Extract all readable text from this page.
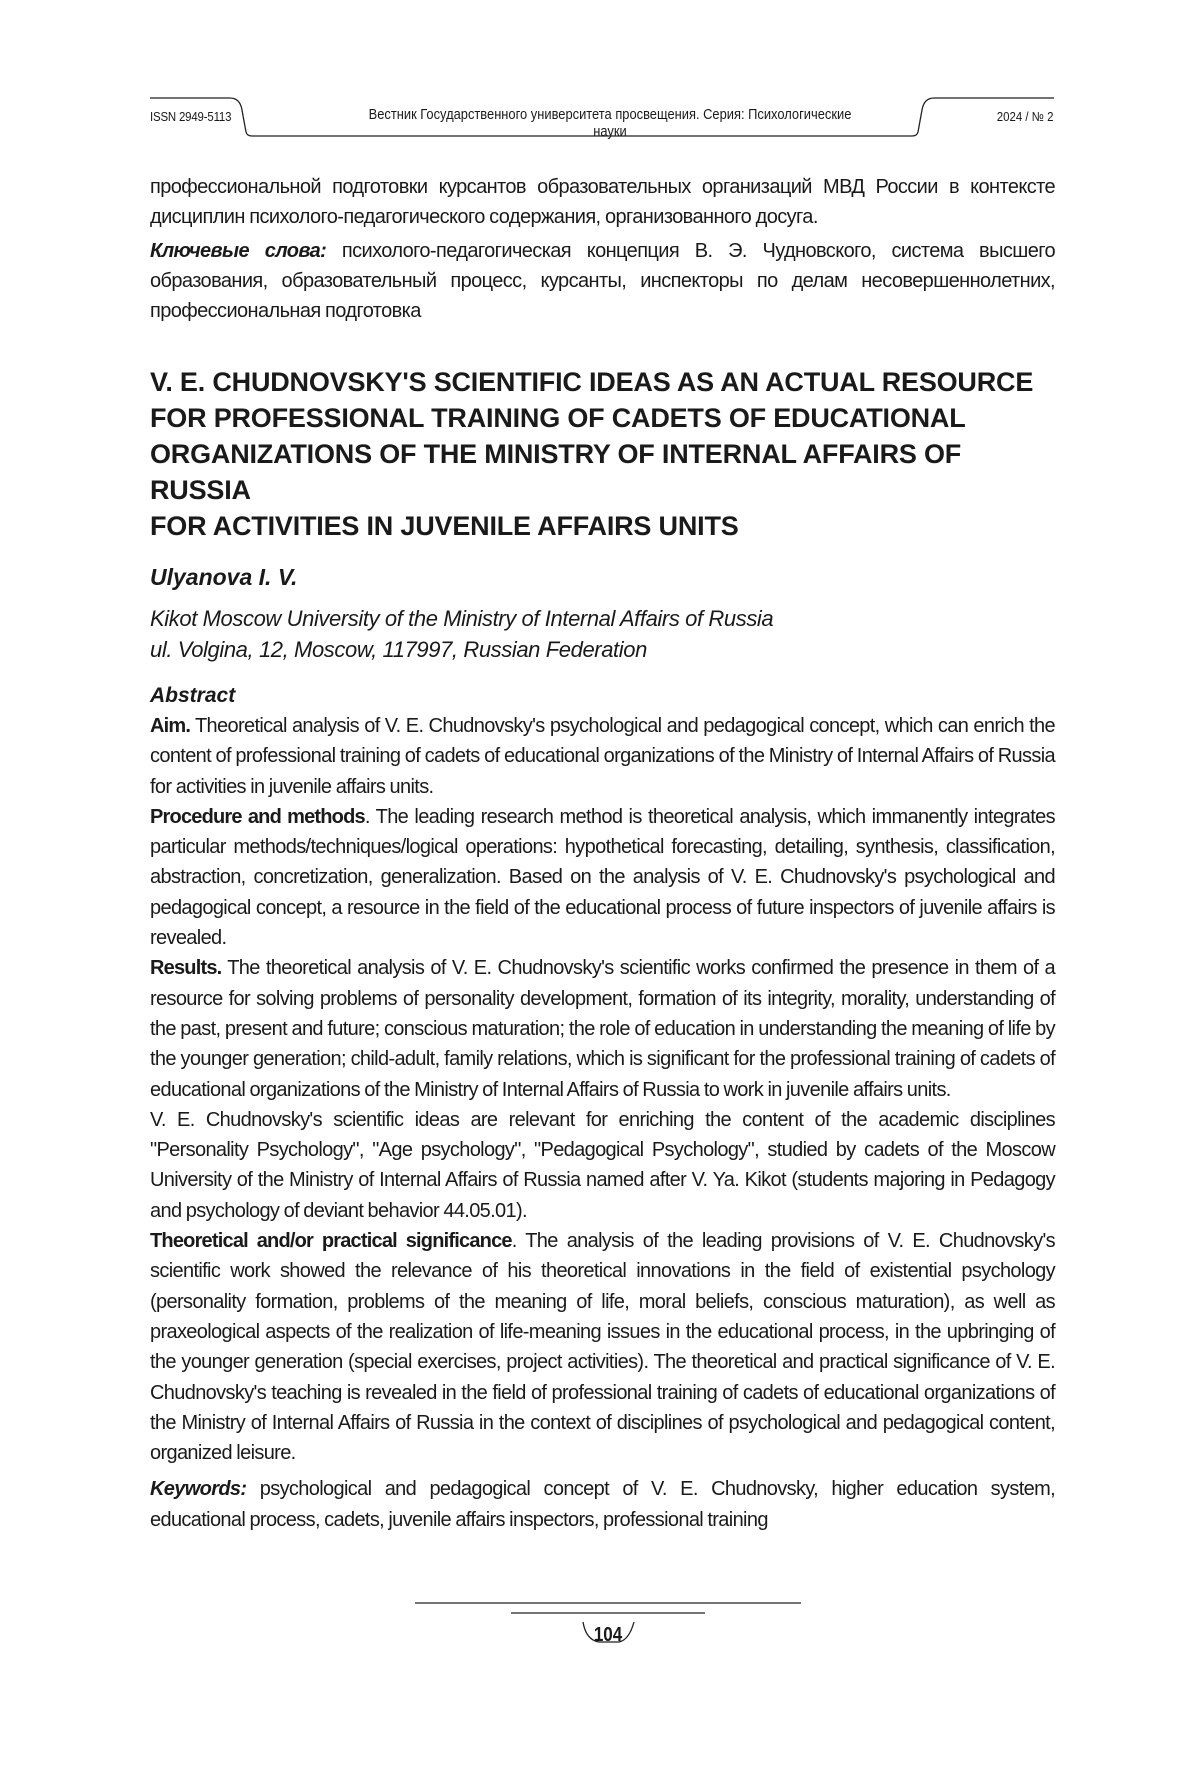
ISSN 2949-5113	Вестник Государственного университета просвещения. Серия: Психологические науки
2024 / № 2

профессиональной подготовки курсантов образовательных организаций МВД России в контексте дисциплин психолого-педагогического содержания, организованного досуга.

Ключевые слова: психолого-педагогическая концепция В. Э. Чудновского, система высшего образования, образовательный процесс, курсанты, инспекторы по делам несовершеннолетних, профессиональная подготовка

V. E. CHUDNOVSKY'S SCIENTIFIC IDEAS AS AN ACTUAL RESOURCE
FOR PROFESSIONAL TRAINING OF CADETS OF EDUCATIONAL
ORGANIZATIONS OF THE MINISTRY OF INTERNAL AFFAIRS OF RUSSIA
FOR ACTIVITIES IN JUVENILE AFFAIRS UNITS
Ulyanova I. V.
Kikot Moscow University of the Ministry of Internal Affairs of Russia
ul. Volgina, 12, Moscow, 117997, Russian Federation
Abstract

Aim. Theoretical analysis of V. E. Chudnovsky's psychological and pedagogical concept, which can enrich the content of professional training of cadets of educational organizations of the Ministry of Internal Affairs of Russia for activities in juvenile affairs units.

Procedure and methods. The leading research method is theoretical analysis, which immanently integrates particular methods/techniques/logical operations: hypothetical forecasting, detailing, synthesis, classification, abstraction, concretization, generalization. Based on the analysis of V. E. Chudnovsky's psychological and pedagogical concept, a resource in the field of the educational process of future inspectors of juvenile affairs is revealed.

Results. The theoretical analysis of V. E. Chudnovsky's scientific works confirmed the presence in them of a resource for solving problems of personality development, formation of its integrity, morality, understanding of the past, present and future; conscious maturation; the role of education in understanding the meaning of life by the younger generation; child-adult, family relations, which is significant for the professional training of cadets of educational organizations of the Ministry of Internal Affairs of Russia to work in juvenile affairs units.

V. E. Chudnovsky's scientific ideas are relevant for enriching the content of the academic disciplines "Personality Psychology", "Age psychology", "Pedagogical Psychology", studied by cadets of the Moscow University of the Ministry of Internal Affairs of Russia named after V. Ya. Kikot (students majoring in Pedagogy and psychology of deviant behavior 44.05.01).

Theoretical and/or practical significance. The analysis of the leading provisions of V. E. Chudnovsky's scientific work showed the relevance of his theoretical innovations in the field of existential psychology (personality formation, problems of the meaning of life, moral beliefs, conscious maturation), as well as praxeological aspects of the realization of life-meaning issues in the educational process, in the upbringing of the younger generation (special exercises, project activities). The theoretical and practical significance of V. E. Chudnovsky's teaching is revealed in the field of professional training of cadets of educational organizations of the Ministry of Internal Affairs of Russia in the context of disciplines of psychological and pedagogical content, organized leisure.

Keywords: psychological and pedagogical concept of V. E. Chudnovsky, higher education system, educational process, cadets, juvenile affairs inspectors, professional training

104
